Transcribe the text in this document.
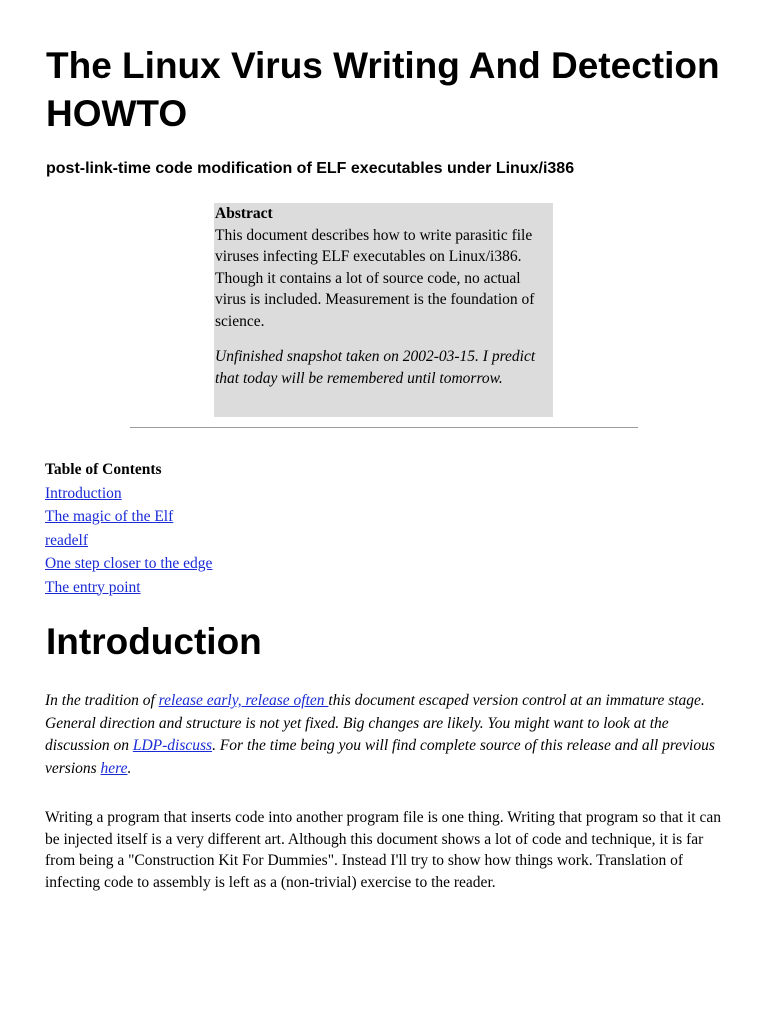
The Linux Virus Writing And Detection HOWTO
post-link-time code modification of ELF executables under Linux/i386
Abstract

This document describes how to write parasitic file viruses infecting ELF executables on Linux/i386. Though it contains a lot of source code, no actual virus is included. Measurement is the foundation of science.

Unfinished snapshot taken on 2002-03-15. I predict that today will be remembered until tomorrow.

Table of Contents
Introduction
The magic of the Elf
readelf
One step closer to the edge
The entry point
Introduction

In the tradition of release early, release often this document escaped version control at an immature stage. General direction and structure is not yet fixed. Big changes are likely. You might want to look at the discussion on LDP-discuss. For the time being you will find complete source of this release and all previous versions here.

Writing a program that inserts code into another program file is one thing. Writing that program so that it can be injected itself is a very different art. Although this document shows a lot of code and technique, it is far from being a "Construction Kit For Dummies". Instead I'll try to show how things work. Translation of infecting code to assembly is left as a (non-trivial) exercise to the reader.
